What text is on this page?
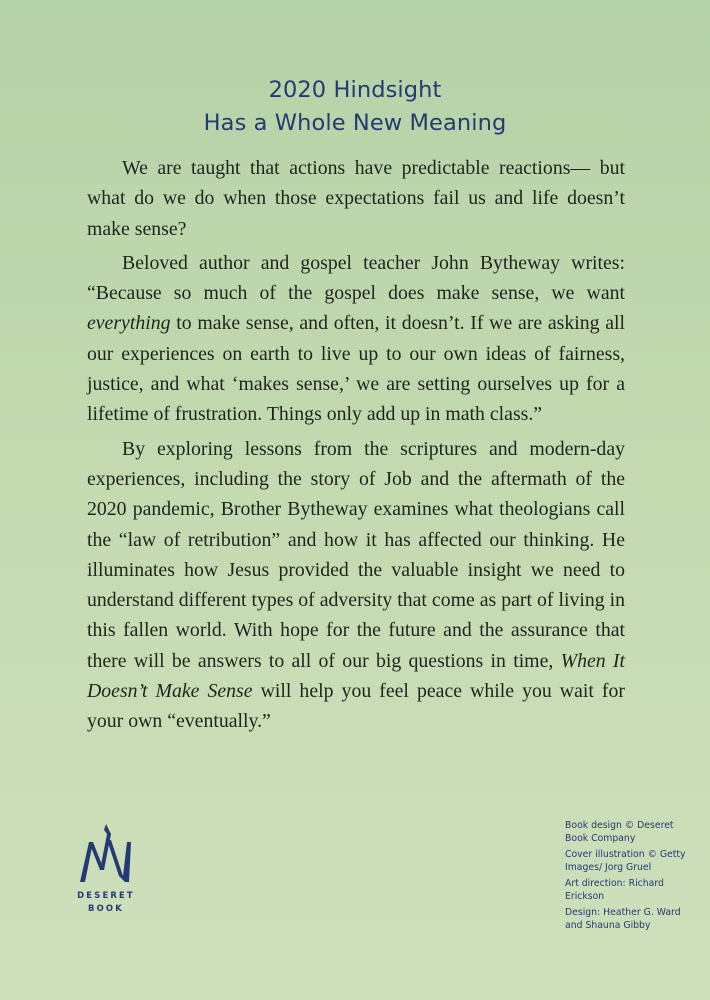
2020 Hindsight
Has a Whole New Meaning

We are taught that actions have predictable reactions— but what do we do when those expectations fail us and life doesn’t make sense?

Beloved author and gospel teacher John Bytheway writes: “Because so much of the gospel does make sense, we want everything to make sense, and often, it doesn’t. If we are asking all our experiences on earth to live up to our own ideas of fairness, justice, and what ‘makes sense,’ we are setting ourselves up for a lifetime of frustration. Things only add up in math class.”

By exploring lessons from the scriptures and modern-day experiences, including the story of Job and the aftermath of the 2020 pandemic, Brother Bytheway examines what theologians call the “law of retribution” and how it has affected our thinking. He illuminates how Jesus provided the valuable insight we need to understand different types of adversity that come as part of living in this fallen world. With hope for the future and the assurance that there will be answers to all of our big questions in time, When It Doesn’t Make Sense will help you feel peace while you wait for your own “eventually.”

DESERET
BOOK
Book design © Deseret Book Company
Cover illustration © Getty Images/ Jorg Gruel
Art direction: Richard Erickson
Design: Heather G. Ward and Shauna Gibby
